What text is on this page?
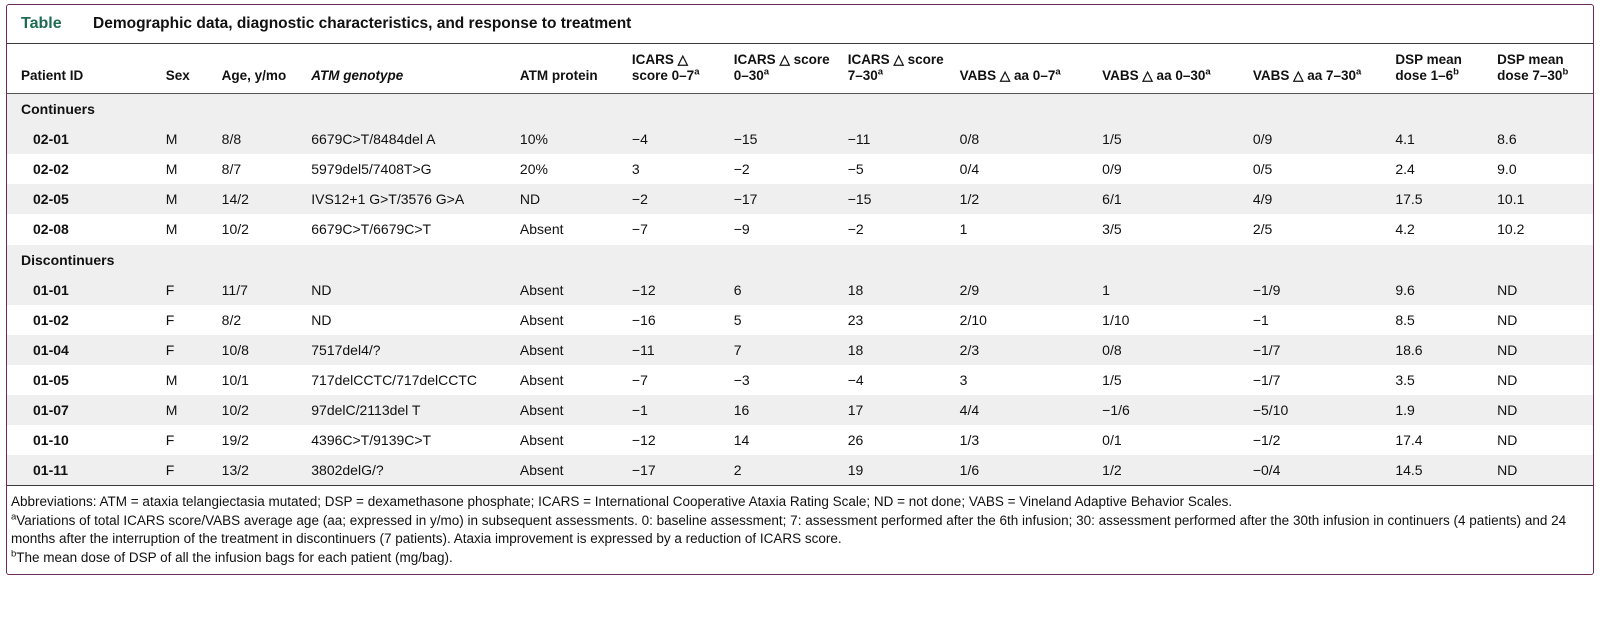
Table	Demographic data, diagnostic characteristics, and response to treatment
Patient ID	Sex	Age, y/mo	ATM genotype	ATM protein	ICARS △ score 0–7$^a$	ICARS △ score 0–30$^a$	ICARS △ score 7–30$^a$	VABS △ aa 0–7$^a$	VABS △ aa 0–30$^a$	VABS △ aa 7–30$^a$	DSP mean dose 1–6$^b$	DSP mean dose 7–30$^b$
Continuers												
02-01	M	8/8	6679C>T/8484del A	10%	−4	−15	−11	0/8	1/5	0/9	4.1	8.6
02-02	M	8/7	5979del5/7408T>G	20%	3	−2	−5	0/4	0/9	0/5	2.4	9.0
02-05	M	14/2	IVS12+1 G>T/3576 G>A	ND	−2	−17	−15	1/2	6/1	4/9	17.5	10.1
02-08	M	10/2	6679C>T/6679C>T	Absent	−7	−9	−2	1	3/5	2/5	4.2	10.2
Discontinuers												
01-01	F	11/7	ND	Absent	−12	6	18	2/9	1	−1/9	9.6	ND
01-02	F	8/2	ND	Absent	−16	5	23	2/10	1/10	−1	8.5	ND
01-04	F	10/8	7517del4/?	Absent	−11	7	18	2/3	0/8	−1/7	18.6	ND
01-05	M	10/1	717delCCTC/717delCCTC	Absent	−7	−3	−4	3	1/5	−1/7	3.5	ND
01-07	M	10/2	97delC/2113del T	Absent	−1	16	17	4/4	−1/6	−5/10	1.9	ND
01-10	F	19/2	4396C>T/9139C>T	Absent	−12	14	26	1/3	0/1	−1/2	17.4	ND
01-11	F	13/2	3802delG/?	Absent	−17	2	19	1/6	1/2	−0/4	14.5	ND

Abbreviations: ATM = ataxia telangiectasia mutated; DSP = dexamethasone phosphate; ICARS = International Cooperative Ataxia Rating Scale; ND = not done; VABS = Vineland Adaptive Behavior Scales.

$^a$Variations of total ICARS score/VABS average age (aa; expressed in y/mo) in subsequent assessments. 0: baseline assessment; 7: assessment performed after the 6th infusion; 30: assessment performed after the 30th infusion in continuers (4 patients) and 24 months after the interruption of the treatment in discontinuers (7 patients). Ataxia improvement is expressed by a reduction of ICARS score.

$^b$The mean dose of DSP of all the infusion bags for each patient (mg/bag).
